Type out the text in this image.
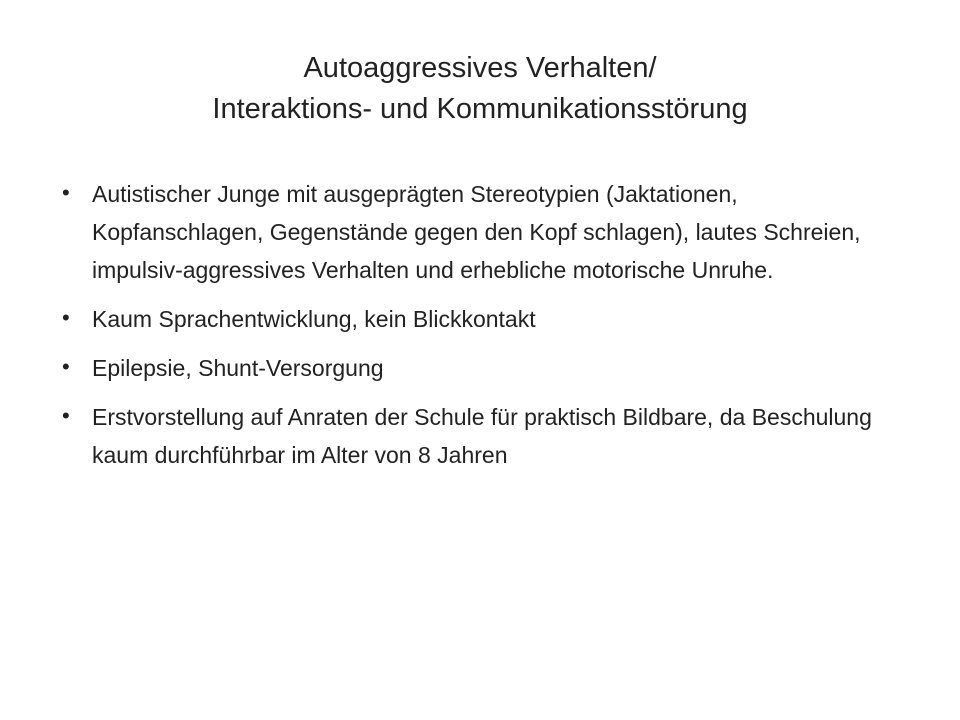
Autoaggressives Verhalten/
Interaktions- und Kommunikationsstörung
• Autistischer Junge mit ausgeprägten Stereotypien (Jaktationen, Kopfanschlagen, Gegenstände gegen den Kopf schlagen), lautes Schreien, impulsiv-aggressives Verhalten und erhebliche motorische Unruhe.
• Kaum Sprachentwicklung, kein Blickkontakt
• Epilepsie, Shunt-Versorgung
• Erstvorstellung auf Anraten der Schule für praktisch Bildbare, da Beschulung kaum durchführbar im Alter von 8 Jahren
